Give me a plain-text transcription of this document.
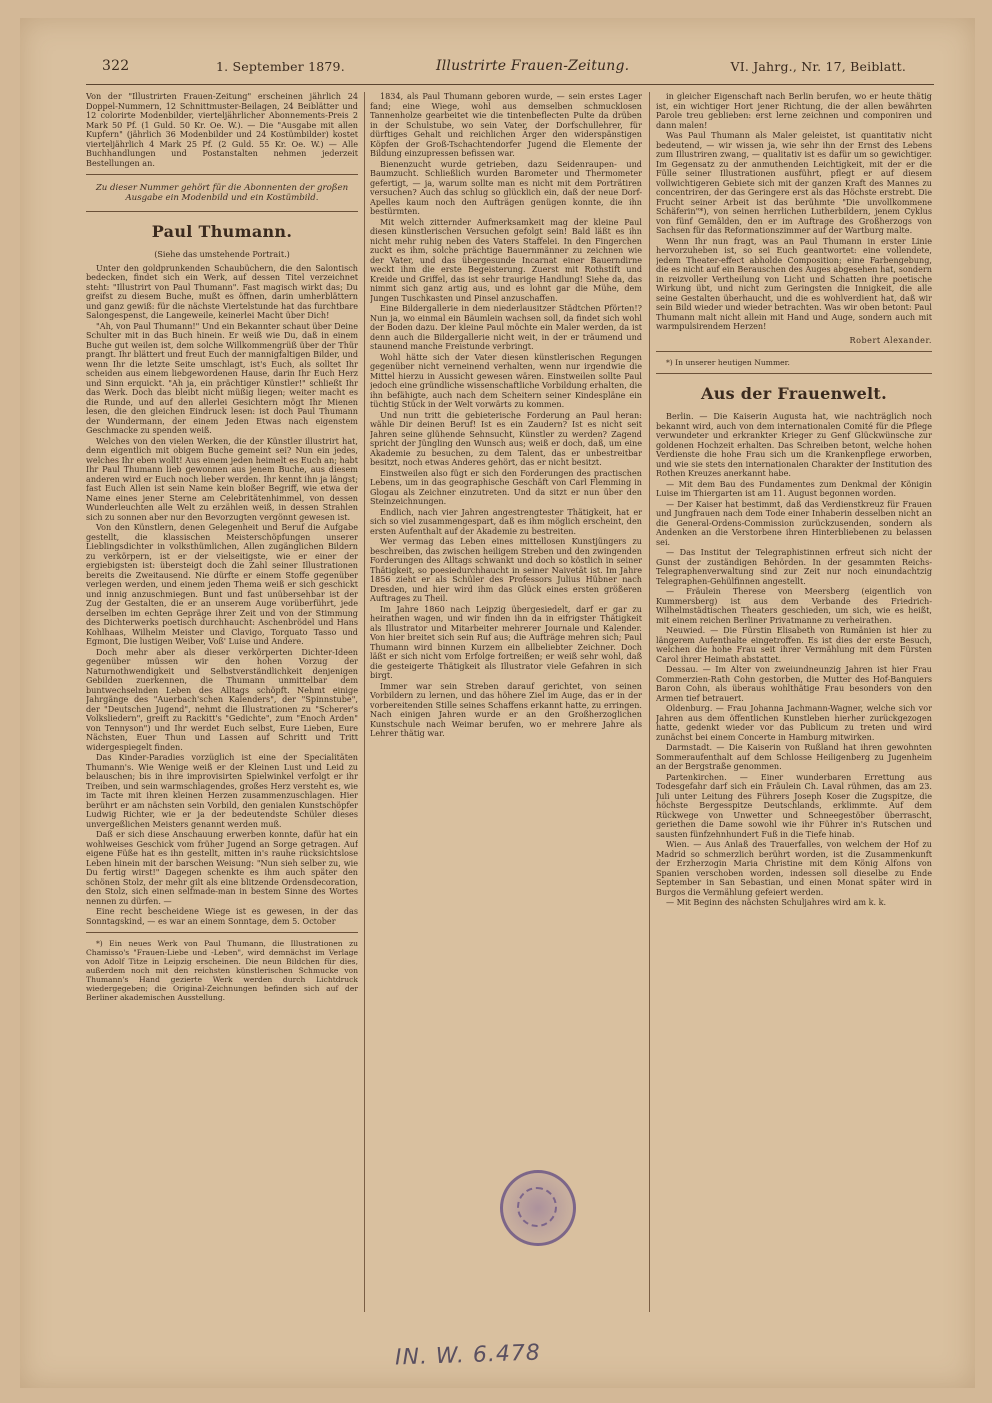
322	1. September 1879.	Illustrirte Frauen-Zeitung.	VI. Jahrg., Nr. 17, Beiblatt.

Von der "Illustrirten Frauen-Zeitung" erscheinen jährlich 24 Doppel-Nummern, 12 Schnittmuster-Beilagen, 24 Beiblätter und 12 colorirte Modenbilder, vierteljährlicher Abonnements-Preis 2 Mark 50 Pf. (1 Guld. 50 Kr. Oe. W.). — Die "Ausgabe mit allen Kupfern" (jährlich 36 Modenbilder und 24 Kostümbilder) kostet vierteljährlich 4 Mark 25 Pf. (2 Guld. 55 Kr. Oe. W.) — Alle Buchhandlungen und Postanstalten nehmen jederzeit Bestellungen an.

Zu dieser Nummer gehört für die Abonnenten der großen Ausgabe ein Modenbild und ein Kostümbild.
Paul Thumann.
(Siehe das umstehende Portrait.)

Unter den goldprunkenden Schaubüchern, die den Salontisch bedecken, findet sich ein Werk, auf dessen Titel verzeichnet steht: "Illustrirt von Paul Thumann". Fast magisch wirkt das; Du greifst zu diesem Buche, mußt es öffnen, darin umherblättern und ganz gewiß: für die nächste Viertelstunde hat das furchtbare Salongespenst, die Langeweile, keinerlei Macht über Dich!

"Ah, von Paul Thumann!" Und ein Bekannter schaut über Deine Schulter mit in das Buch hinein. Er weiß wie Du, daß in einem Buche gut weilen ist, dem solche Willkommengrüß über der Thür prangt. Ihr blättert und freut Euch der mannigfaltigen Bilder, und wenn Ihr die letzte Seite umschlagt, ist's Euch, als solltet Ihr scheiden aus einem liebgewordenen Hause, darin Ihr Euch Herz und Sinn erquickt. "Ah ja, ein prächtiger Künstler!" schließt Ihr das Werk. Doch das bleibt nicht müßig liegen; weiter macht es die Runde, und auf den allerlei Gesichtern mögt Ihr Mienen lesen, die den gleichen Eindruck lesen: ist doch Paul Thumann der Wundermann, der einem Jeden Etwas nach eigenstem Geschmacke zu spenden weiß.

Welches von den vielen Werken, die der Künstler illustrirt hat, denn eigentlich mit obigem Buche gemeint sei? Nun ein jedes, welches Ihr eben wollt! Aus einem jeden heimelt es Euch an; habt Ihr Paul Thumann lieb gewonnen aus jenem Buche, aus diesem anderen wird er Euch noch lieber werden. Ihr kennt ihn ja längst; fast Euch Allen ist sein Name kein bloßer Begriff, wie etwa der Name eines jener Sterne am Celebritätenhimmel, von dessen Wunderleuchten alle Welt zu erzählen weiß, in dessen Strahlen sich zu sonnen aber nur den Bevorzugten vergönnt gewesen ist.

Von den Künstlern, denen Gelegenheit und Beruf die Aufgabe gestellt, die klassischen Meisterschöpfungen unserer Lieblingsdichter in volksthümlichen, Allen zugänglichen Bildern zu verkörpern, ist er der vielseitigste, wie er einer der ergiebigsten ist: übersteigt doch die Zahl seiner Illustrationen bereits die Zweitausend. Nie dürfte er einem Stoffe gegenüber verlegen werden, und einem jeden Thema weiß er sich geschickt und innig anzuschmiegen. Bunt und fast unübersehbar ist der Zug der Gestalten, die er an unserem Auge vorüberführt, jede derselben im echten Gepräge ihrer Zeit und von der Stimmung des Dichterwerks poetisch durchhaucht: Aschenbrödel und Hans Kohlhaas, Wilhelm Meister und Clavigo, Torquato Tasso und Egmont, Die lustigen Weiber, Voß' Luise und Andere.

Doch mehr aber als dieser verkörperten Dichter-Ideen gegenüber müssen wir den hohen Vorzug der Naturnothwendigkeit und Selbstverständlichkeit denjenigen Gebilden zuerkennen, die Thumann unmittelbar dem buntwechselnden Leben des Alltags schöpft. Nehmt einige Jahrgänge des "Auerbach'schen Kalenders", der "Spinnstube", der "Deutschen Jugend", nehmt die Illustrationen zu "Scherer's Volksliedern", greift zu Rackitt's "Gedichte", zum "Enoch Arden" von Tennyson") und Ihr werdet Euch selbst, Eure Lieben, Eure Nächsten, Euer Thun und Lassen auf Schritt und Tritt widergespiegelt finden.

Das Kinder-Paradies vorzüglich ist eine der Specialitäten Thumann's. Wie Wenige weiß er der Kleinen Lust und Leid zu belauschen; bis in ihre improvisirten Spielwinkel verfolgt er ihr Treiben, und sein warmschlagendes, großes Herz versteht es, wie im Tacte mit ihren kleinen Herzen zusammenzuschlagen. Hier berührt er am nächsten sein Vorbild, den genialen Kunstschöpfer Ludwig Richter, wie er ja der bedeutendste Schüler dieses unvergeßlichen Meisters genannt werden muß.

Daß er sich diese Anschauung erwerben konnte, dafür hat ein wohlweises Geschick vom früher Jugend an Sorge getragen. Auf eigene Füße hat es ihn gestellt, mitten in's rauhe rücksichtslose Leben hinein mit der barschen Weisung: "Nun sieh selber zu, wie Du fertig wirst!" Dagegen schenkte es ihm auch später den schönen Stolz, der mehr gilt als eine blitzende Ordensdecoration, den Stolz, sich einen selfmade-man in bestem Sinne des Wortes nennen zu dürfen. —

Eine recht bescheidene Wiege ist es gewesen, in der das Sonntagskind, — es war an einem Sonntage, dem 5. October

*) Ein neues Werk von Paul Thumann, die Illustrationen zu Chamisso's "Frauen-Liebe und -Leben", wird demnächst im Verlage von Adolf Titze in Leipzig erscheinen. Die neun Bildchen für dies, außerdem noch mit den reichsten künstlerischen Schmucke von Thumann's Hand gezierte Werk werden durch Lichtdruck wiedergegeben; die Original-Zeichnungen befinden sich auf der Berliner akademischen Ausstellung.

1834, als Paul Thumann geboren wurde, — sein erstes Lager fand; eine Wiege, wohl aus demselben schmucklosen Tannenholze gearbeitet wie die tintenbeflecten Pulte da drüben in der Schulstube, wo sein Vater, der Dorfschullehrer, für dürftiges Gehalt und reichlichen Ärger den widerspänstigen Köpfen der Groß-Tschachtendorfer Jugend die Elemente der Bildung einzupressen befissen war.

Bienenzucht wurde getrieben, dazu Seidenraupen- und Baumzucht. Schließlich wurden Barometer und Thermometer gefertigt, — ja, warum sollte man es nicht mit dem Porträtiren versuchen? Auch das schlug so glücklich ein, daß der neue Dorf-Apelles kaum noch den Aufträgen genügen konnte, die ihn bestürmten.

Mit welch zitternder Aufmerksamkeit mag der kleine Paul diesen künstlerischen Versuchen gefolgt sein! Bald läßt es ihn nicht mehr ruhig neben des Vaters Staffelei. In den Fingerchen zuckt es ihm, solche prächtige Bauernmänner zu zeichnen wie der Vater, und das übergesunde Incarnat einer Bauerndirne weckt ihm die erste Begeisterung. Zuerst mit Rothstift und Kreide und Griffel, das ist sehr traurige Handlung! Siehe da, das nimmt sich ganz artig aus, und es lohnt gar die Mühe, dem Jungen Tuschkasten und Pinsel anzuschaffen.

Eine Bildergallerie in dem niederlausitzer Städtchen Pförten!? Nun ja, wo einmal ein Bäumlein wachsen soll, da findet sich wohl der Boden dazu. Der kleine Paul möchte ein Maler werden, da ist denn auch die Bildergallerie nicht weit, in der er träumend und staunend manche Freistunde verbringt.

Wohl hätte sich der Vater diesen künstlerischen Regungen gegenüber nicht verneinend verhalten, wenn nur irgendwie die Mittel hierzu in Aussicht gewesen wären. Einstweilen sollte Paul jedoch eine gründliche wissenschaftliche Vorbildung erhalten, die ihn befähigte, auch nach dem Scheitern seiner Kindespläne ein tüchtig Stück in der Welt vorwärts zu kommen.

Und nun tritt die gebieterische Forderung an Paul heran: wähle Dir deinen Beruf! Ist es ein Zaudern? Ist es nicht seit Jahren seine glühende Sehnsucht, Künstler zu werden? Zagend spricht der Jüngling den Wunsch aus; weiß er doch, daß, um eine Akademie zu besuchen, zu dem Talent, das er unbestreitbar besitzt, noch etwas Anderes gehört, das er nicht besitzt.

Einstweilen also fügt er sich den Forderungen des practischen Lebens, um in das geographische Geschäft von Carl Flemming in Glogau als Zeichner einzutreten. Und da sitzt er nun über den Steinzeichnungen.

Endlich, nach vier Jahren angestrengtester Thätigkeit, hat er sich so viel zusammengespart, daß es ihm möglich erscheint, den ersten Aufenthalt auf der Akademie zu bestreiten.

Wer vermag das Leben eines mittellosen Kunstjüngers zu beschreiben, das zwischen heiligem Streben und den zwingenden Forderungen des Alltags schwankt und doch so köstlich in seiner Thätigkeit, so poesiedurchhaucht in seiner Naivetät ist. Im Jahre 1856 zieht er als Schüler des Professors Julius Hübner nach Dresden, und hier wird ihm das Glück eines ersten größeren Auftrages zu Theil.

Im Jahre 1860 nach Leipzig übergesiedelt, darf er gar zu heirathen wagen, und wir finden ihn da in eifrigster Thätigkeit als Illustrator und Mitarbeiter mehrerer Journale und Kalender. Von hier breitet sich sein Ruf aus; die Aufträge mehren sich; Paul Thumann wird binnen Kurzem ein allbeliebter Zeichner. Doch läßt er sich nicht vom Erfolge fortreißen; er weiß sehr wohl, daß die gesteigerte Thätigkeit als Illustrator viele Gefahren in sich birgt.

Immer war sein Streben darauf gerichtet, von seinen Vorbildern zu lernen, und das höhere Ziel im Auge, das er in der vorbereitenden Stille seines Schaffens erkannt hatte, zu erringen. Nach einigen Jahren wurde er an den Großherzoglichen Kunstschule nach Weimar berufen, wo er mehrere Jahre als Lehrer thätig war.

in gleicher Eigenschaft nach Berlin berufen, wo er heute thätig ist, ein wichtiger Hort jener Richtung, die der allen bewährten Parole treu geblieben: erst lerne zeichnen und componiren und dann malen!

Was Paul Thumann als Maler geleistet, ist quantitativ nicht bedeutend, — wir wissen ja, wie sehr ihn der Ernst des Lebens zum Illustriren zwang, — qualitativ ist es dafür um so gewichtiger. Im Gegensatz zu der anmuthenden Leichtigkeit, mit der er die Fülle seiner Illustrationen ausführt, pflegt er auf diesem vollwichtigeren Gebiete sich mit der ganzen Kraft des Mannes zu concentriren, der das Geringere erst als das Höchste erstrebt. Die Frucht seiner Arbeit ist das berühmte "Die unvollkommene Schäferin"*), von seinen herrlichen Lutherbildern, jenem Cyklus von fünf Gemälden, den er im Auftrage des Großherzogs von Sachsen für das Reformationszimmer auf der Wartburg malte.

Wenn Ihr nun fragt, was an Paul Thumann in erster Linie hervorzuheben ist, so sei Euch geantwortet: eine vollendete, jedem Theater-effect abholde Composition; eine Farbengebung, die es nicht auf ein Berauschen des Auges abgesehen hat, sondern in reizvoller Vertheilung von Licht und Schatten ihre poetische Wirkung übt, und nicht zum Geringsten die Innigkeit, die alle seine Gestalten überhaucht, und die es wohlverdient hat, daß wir sein Bild wieder und wieder betrachten. Was wir oben betont: Paul Thumann malt nicht allein mit Hand und Auge, sondern auch mit warmpulsirendem Herzen!

Robert Alexander.

*) In unserer heutigen Nummer.

Aus der Frauenwelt.

Berlin. — Die Kaiserin Augusta hat, wie nachträglich noch bekannt wird, auch von dem internationalen Comité für die Pflege verwundeter und erkrankter Krieger zu Genf Glückwünsche zur goldenen Hochzeit erhalten. Das Schreiben betont, welche hohen Verdienste die hohe Frau sich um die Krankenpflege erworben, und wie sie stets den internationalen Charakter der Institution des Rothen Kreuzes anerkannt habe.

— Mit dem Bau des Fundamentes zum Denkmal der Königin Luise im Thiergarten ist am 11. August begonnen worden.

— Der Kaiser hat bestimmt, daß das Verdienstkreuz für Frauen und Jungfrauen nach dem Tode einer Inhaberin desselben nicht an die General-Ordens-Commission zurückzusenden, sondern als Andenken an die Verstorbene ihren Hinterbliebenen zu belassen sei.

— Das Institut der Telegraphistinnen erfreut sich nicht der Gunst der zuständigen Behörden. In der gesammten Reichs-Telegraphenverwaltung sind zur Zeit nur noch einundachtzig Telegraphen-Gehülfinnen angestellt.

— Fräulein Therese von Meersberg (eigentlich von Kummersberg) ist aus dem Verbande des Friedrich-Wilhelmstädtischen Theaters geschieden, um sich, wie es heißt, mit einem reichen Berliner Privatmanne zu verheirathen.

Neuwied. — Die Fürstin Elisabeth von Rumänien ist hier zu längerem Aufenthalte eingetroffen. Es ist dies der erste Besuch, welchen die hohe Frau seit ihrer Vermählung mit dem Fürsten Carol ihrer Heimath abstattet.

Dessau. — Im Alter von zweiundneunzig Jahren ist hier Frau Commerzien-Rath Cohn gestorben, die Mutter des Hof-Banquiers Baron Cohn, als überaus wohlthätige Frau besonders von den Armen tief betrauert.

Oldenburg. — Frau Johanna Jachmann-Wagner, welche sich vor Jahren aus dem öffentlichen Kunstleben hierher zurückgezogen hatte, gedenkt wieder vor das Publicum zu treten und wird zunächst bei einem Concerte in Hamburg mitwirken.

Darmstadt. — Die Kaiserin von Rußland hat ihren gewohnten Sommeraufenthalt auf dem Schlosse Heiligenberg zu Jugenheim an der Bergstraße genommen.

Partenkirchen. — Einer wunderbaren Errettung aus Todesgefahr darf sich ein Fräulein Ch. Laval rühmen, das am 23. Juli unter Leitung des Führers Joseph Koser die Zugspitze, die höchste Bergesspitze Deutschlands, erklimmte. Auf dem Rückwege von Unwetter und Schneegestöber überrascht, geriethen die Dame sowohl wie ihr Führer in's Rutschen und sausten fünfzehnhundert Fuß in die Tiefe hinab.

Wien. — Aus Anlaß des Trauerfalles, von welchem der Hof zu Madrid so schmerzlich berührt worden, ist die Zusammenkunft der Erzherzogin Maria Christine mit dem König Alfons von Spanien verschoben worden, indessen soll dieselbe zu Ende September in San Sebastian, und einen Monat später wird in Burgos die Vermählung gefeiert werden.

— Mit Beginn des nächsten Schuljahres wird am k. k.

IN. W. 6.478
